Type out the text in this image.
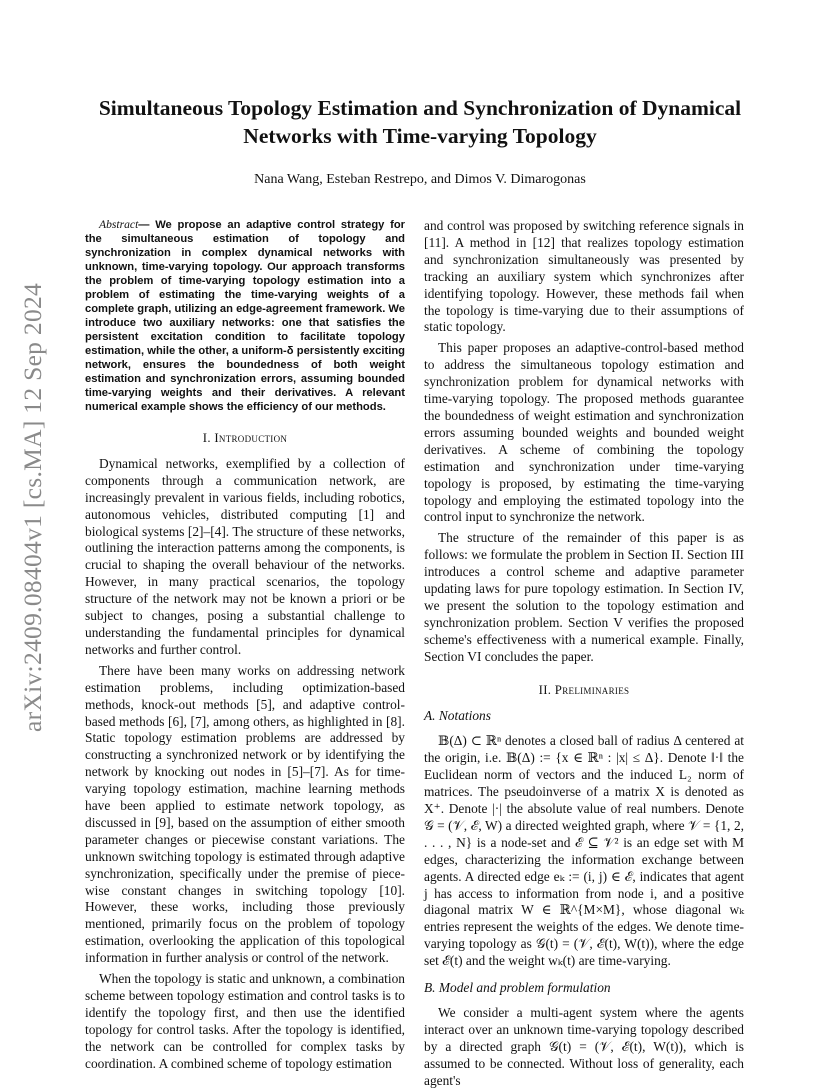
arXiv:2409.08404v1 [cs.MA] 12 Sep 2024
Simultaneous Topology Estimation and Synchronization of Dynamical Networks with Time-varying Topology
Nana Wang, Esteban Restrepo, and Dimos V. Dimarogonas

Abstract— We propose an adaptive control strategy for the simultaneous estimation of topology and synchronization in complex dynamical networks with unknown, time-varying topology. Our approach transforms the problem of time-varying topology estimation into a problem of estimating the time-varying weights of a complete graph, utilizing an edge-agreement framework. We introduce two auxiliary networks: one that satisfies the persistent excitation condition to facilitate topology estimation, while the other, a uniform-δ persistently exciting network, ensures the boundedness of both weight estimation and synchronization errors, assuming bounded time-varying weights and their derivatives. A relevant numerical example shows the efficiency of our methods.

I. Introduction

Dynamical networks, exemplified by a collection of components through a communication network, are increasingly prevalent in various fields, including robotics, autonomous vehicles, distributed computing [1] and biological systems [2]–[4]. The structure of these networks, outlining the interaction patterns among the components, is crucial to shaping the overall behaviour of the networks. However, in many practical scenarios, the topology structure of the network may not be known a priori or be subject to changes, posing a substantial challenge to understanding the fundamental principles for dynamical networks and further control.

There have been many works on addressing network estimation problems, including optimization-based methods, knock-out methods [5], and adaptive control-based methods [6], [7], among others, as highlighted in [8]. Static topology estimation problems are addressed by constructing a synchronized network or by identifying the network by knocking out nodes in [5]–[7]. As for time-varying topology estimation, machine learning methods have been applied to estimate network topology, as discussed in [9], based on the assumption of either smooth parameter changes or piecewise constant variations. The unknown switching topology is estimated through adaptive synchronization, specifically under the premise of piece-wise constant changes in switching topology [10]. However, these works, including those previously mentioned, primarily focus on the problem of topology estimation, overlooking the application of this topological information in further analysis or control of the network.

When the topology is static and unknown, a combination scheme between topology estimation and control tasks is to identify the topology first, and then use the identified topology for control tasks. After the topology is identified, the network can be controlled for complex tasks by coordination. A combined scheme of topology estimation

and control was proposed by switching reference signals in [11]. A method in [12] that realizes topology estimation and synchronization simultaneously was presented by tracking an auxiliary system which synchronizes after identifying topology. However, these methods fail when the topology is time-varying due to their assumptions of static topology.

This paper proposes an adaptive-control-based method to address the simultaneous topology estimation and synchronization problem for dynamical networks with time-varying topology. The proposed methods guarantee the boundedness of weight estimation and synchronization errors assuming bounded weights and bounded weight derivatives. A scheme of combining the topology estimation and synchronization under time-varying topology is proposed, by estimating the time-varying topology and employing the estimated topology into the control input to synchronize the network.

The structure of the remainder of this paper is as follows: we formulate the problem in Section II. Section III introduces a control scheme and adaptive parameter updating laws for pure topology estimation. In Section IV, we present the solution to the topology estimation and synchronization problem. Section V verifies the proposed scheme's effectiveness with a numerical example. Finally, Section VI concludes the paper.

II. Preliminaries
A. Notations

𝔹(Δ) ⊂ ℝⁿ denotes a closed ball of radius Δ centered at the origin, i.e. 𝔹(Δ) := {x ∈ ℝⁿ : |x| ≤ Δ}. Denote ‖·‖ the Euclidean norm of vectors and the induced L₂ norm of matrices. The pseudoinverse of a matrix X is denoted as X⁺. Denote |·| the absolute value of real numbers. Denote 𝒢 = (𝒱, ℰ, W) a directed weighted graph, where 𝒱 = {1, 2, . . . , N} is a node-set and ℰ ⊆ 𝒱² is an edge set with M edges, characterizing the information exchange between agents. A directed edge eₖ := (i, j) ∈ ℰ, indicates that agent j has access to information from node i, and a positive diagonal matrix W ∈ ℝ^{M×M}, whose diagonal wₖ entries represent the weights of the edges. We denote time-varying topology as 𝒢(t) = (𝒱, ℰ(t), W(t)), where the edge set ℰ(t) and the weight wₖ(t) are time-varying.

B. Model and problem formulation

We consider a multi-agent system where the agents interact over an unknown time-varying topology described by a directed graph 𝒢(t) = (𝒱, ℰ(t), W(t)), which is assumed to be connected. Without loss of generality, each agent's
